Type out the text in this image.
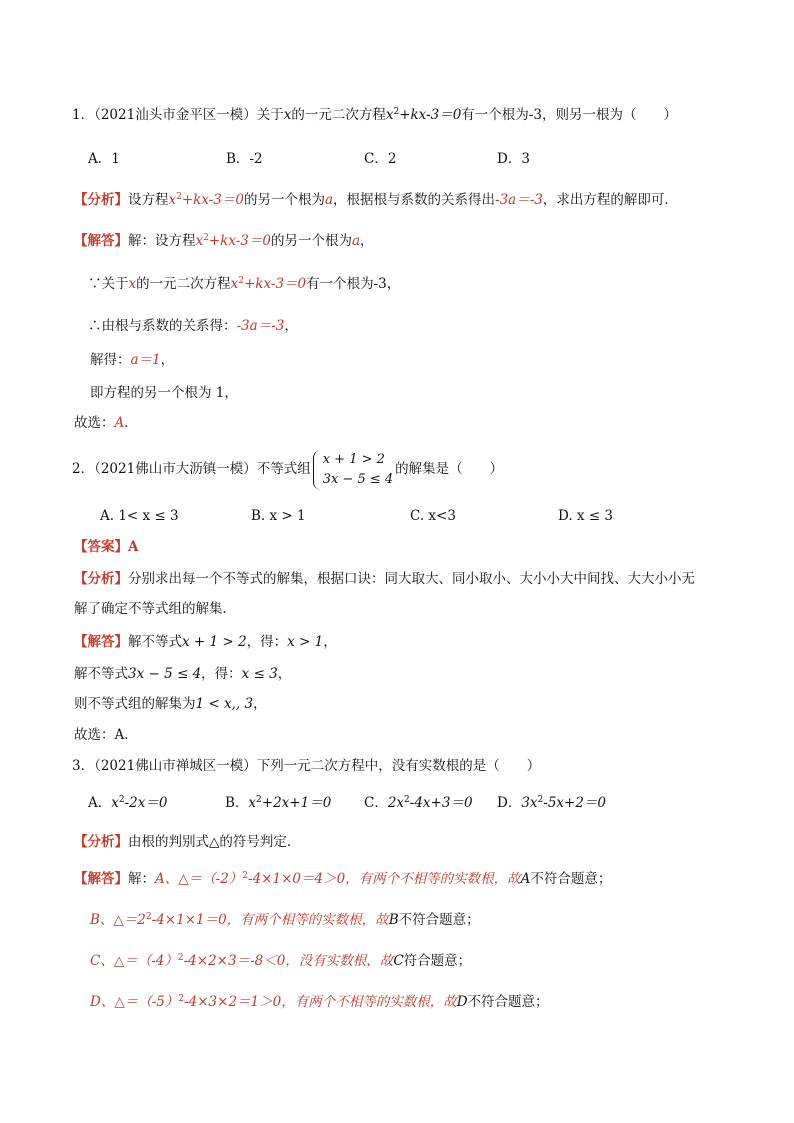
1．（2021汕头市金平区一模）关于x的一元二次方程$x^2+kx-3=0$有一个根为-3，则另一根为（　　）
A．1	B．-2	C．2	D．3
【分析】设方程$x^2+kx-3=0$的另一个根为a，根据根与系数的关系得出-3a＝-3，求出方程的解即可．
【解答】解：设方程$x^2+kx-3=0$的另一个根为a，
∵关于x的一元二次方程$x^2+kx-3=0$有一个根为-3，
∴由根与系数的关系得：-3a＝-3，
解得：a＝1，
即方程的另一个根为 1，
故选：A．
2．（2021佛山市大沥镇一模）不等式组
x + 1 > 2
3x − 5 ≤ 4
的解集是（　　）
A. 1< x ≤ 3	B. x > 1	C. x<3	D. x ≤ 3
【答案】A
【分析】分别求出每一个不等式的解集，根据口诀：同大取大、同小取小、大小小大中间找、大大小小无
解了确定不等式组的解集．
【解答】解不等式x + 1 > 2，得：x > 1，
解不等式3x − 5 ≤ 4，得：x ≤ 3，
则不等式组的解集为1 < x,, 3，
故选：A．
3．（2021佛山市禅城区一模）下列一元二次方程中，没有实数根的是（　　）
A．$x^2-2x=0$	B．$x^2+2x+1=0$ C．$2x^2-4x+3=0$ D．$3x^2-5x+2=0$
【分析】由根的判别式△的符号判定．
【解答】解：A、$\triangle=(-2)^2-4\times 1\times 0=4>0$，有两个不相等的实数根，故A不符合题意；
B、$\triangle=2^2-4\times 1\times 1=0$，有两个相等的实数根，故B不符合题意；
C、$\triangle=(-4)^2-4\times 2\times 3=-8<0$，没有实数根，故C符合题意；
D、$\triangle=(-5)^2-4\times 3\times 2=1>0$，有两个不相等的实数根，故D不符合题意；
